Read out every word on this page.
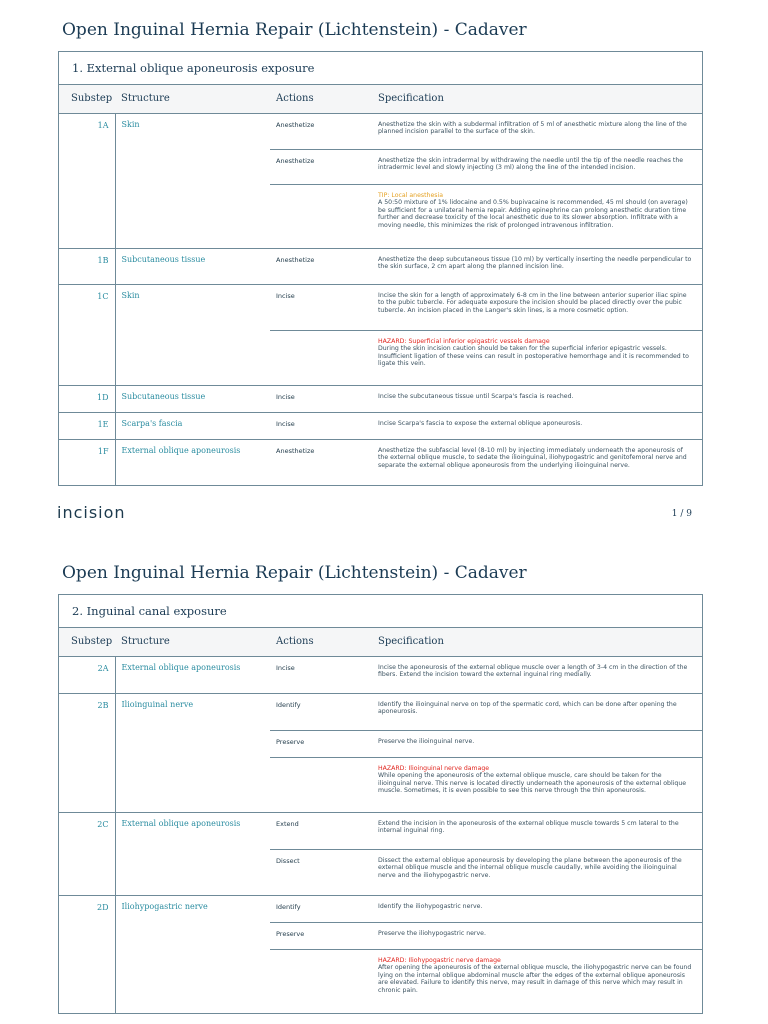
Open Inguinal Hernia Repair (Lichtenstein) - Cadaver
1. External oblique aponeurosis exposure
Substep	Structure	Actions	Specification
1A	Skin	Anesthetize	Anesthetize the skin with a subdermal infiltration of 5 ml of anesthetic mixture along the line of the planned incision parallel to the surface of the skin.
		Anesthetize	Anesthetize the skin intradermal by withdrawing the needle until the tip of the needle reaches the intradermic level and slowly injecting (3 ml) along the line of the intended incision.

			TIP: Local anesthesia
A 50:50 mixture of 1% lidocaine and 0.5% bupivacaine is recommended, 45 ml should (on average) be sufficient for a unilateral hernia repair. Adding epinephrine can prolong anesthetic duration time further and decrease toxicity of the local anesthetic due to its slower absorption. Infiltrate with a moving needle, this minimizes the risk of prolonged intravenous infiltration.
1B	Subcutaneous tissue	Anesthetize	Anesthetize the deep subcutaneous tissue (10 ml) by vertically inserting the needle perpendicular to the skin surface, 2 cm apart along the planned incision line.
1C	Skin	Incise	Incise the skin for a length of approximately 6-8 cm in the line between anterior superior iliac spine to the pubic tubercle. For adequate exposure the incision should be placed directly over the pubic tubercle. An incision placed in the Langer's skin lines, is a more cosmetic option.

			HAZARD: Superficial inferior epigastric vessels damage
During the skin incision caution should be taken for the superficial inferior epigastric vessels. Insufficient ligation of these veins can result in postoperative hemorrhage and it is recommended to ligate this vein.
1D	Subcutaneous tissue	Incise	Incise the subcutaneous tissue until Scarpa's fascia is reached.
1E	Scarpa's fascia	Incise	Incise Scarpa's fascia to expose the external oblique aponeurosis.
1F	External oblique aponeurosis	Anesthetize	Anesthetize the subfascial level (8-10 ml) by injecting immediately underneath the aponeurosis of the external oblique muscle, to sedate the ilioinguinal, iliohypogastric and genitofemoral nerve and separate the external oblique aponeurosis from the underlying ilioinguinal nerve.
incision	1 / 9
Open Inguinal Hernia Repair (Lichtenstein) - Cadaver
2. Inguinal canal exposure
Substep	Structure	Actions	Specification
2A	External oblique aponeurosis	Incise	Incise the aponeurosis of the external oblique muscle over a length of 3-4 cm in the direction of the fibers. Extend the incision toward the external inguinal ring medially.
2B	Ilioinguinal nerve	Identify	Identify the ilioinguinal nerve on top of the spermatic cord, which can be done after opening the aponeurosis.
		Preserve	Preserve the ilioinguinal nerve.

			HAZARD: Ilioinguinal nerve damage
While opening the aponeurosis of the external oblique muscle, care should be taken for the ilioinguinal nerve. This nerve is located directly underneath the aponeurosis of the external oblique muscle. Sometimes, it is even possible to see this nerve through the thin aponeurosis.
2C	External oblique aponeurosis	Extend	Extend the incision in the aponeurosis of the external oblique muscle towards 5 cm lateral to the internal inguinal ring.
		Dissect	Dissect the external oblique aponeurosis by developing the plane between the aponeurosis of the external oblique muscle and the internal oblique muscle caudally, while avoiding the ilioinguinal nerve and the iliohypogastric nerve.
2D	Iliohypogastric nerve	Identify	Identify the iliohypogastric nerve.
		Preserve	Preserve the iliohypogastric nerve.

			HAZARD: Iliohypogastric nerve damage
After opening the aponeurosis of the external oblique muscle, the iliohypogastric nerve can be found lying on the internal oblique abdominal muscle after the edges of the external oblique aponeurosis are elevated. Failure to identify this nerve, may result in damage of this nerve which may result in chronic pain.
